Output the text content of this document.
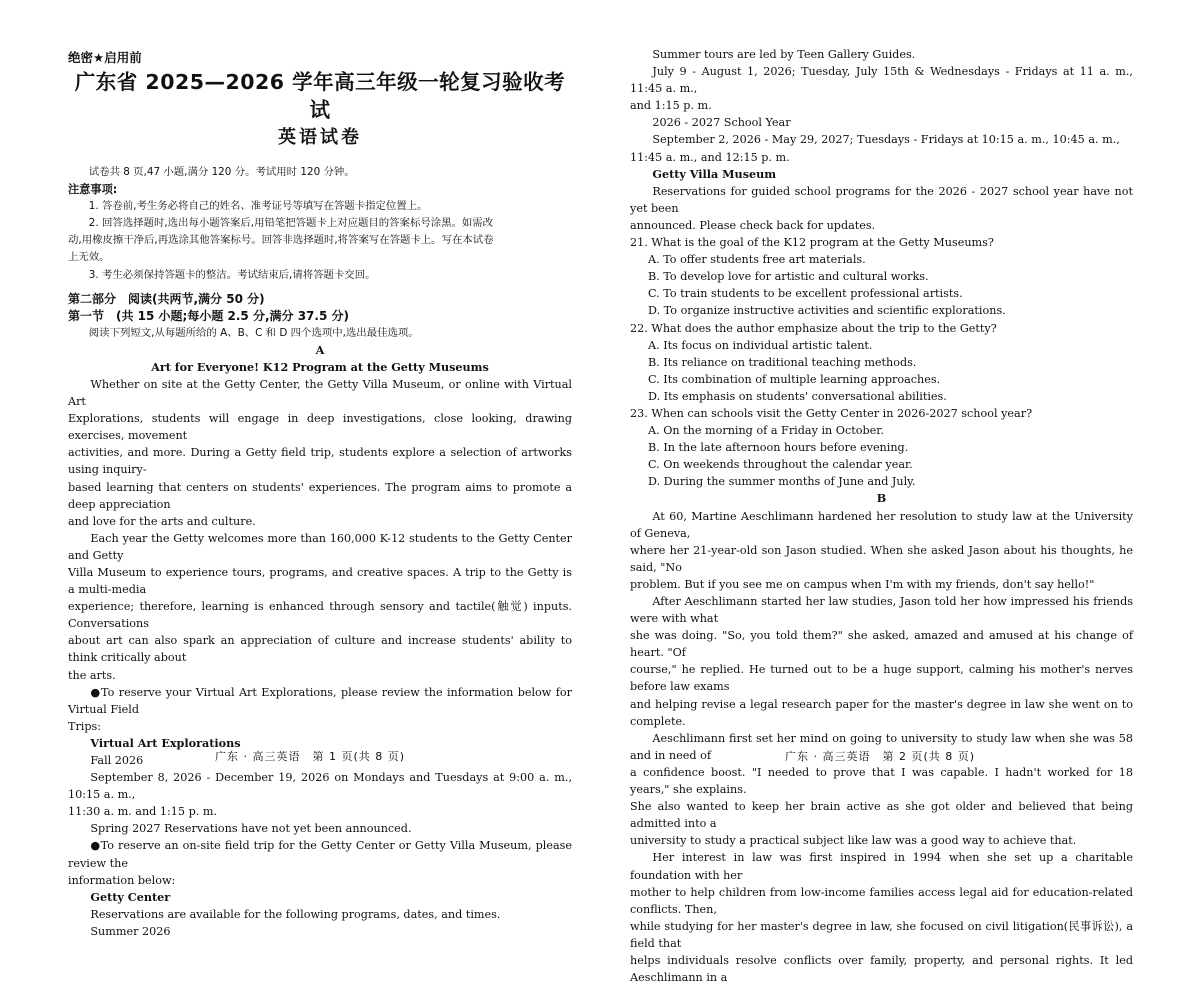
绝密★启用前

广东省 2025—2026 学年高三年级一轮复习验收考试

英语试卷

试卷共 8 页,47 小题,满分 120 分。考试用时 120 分钟。

注意事项:

1. 答卷前,考生务必将自己的姓名、准考证号等填写在答题卡指定位置上。

2. 回答选择题时,选出每小题答案后,用铅笔把答题卡上对应题目的答案标号涂黑。如需改

动,用橡皮擦干净后,再选涂其他答案标号。回答非选择题时,将答案写在答题卡上。写在本试卷

上无效。

3. 考生必须保持答题卡的整洁。考试结束后,请将答题卡交回。

第二部分　阅读(共两节,满分 50 分)

第一节　(共 15 小题;每小题 2.5 分,满分 37.5 分)

阅读下列短文,从每题所给的 A、B、C 和 D 四个选项中,选出最佳选项。

A

Art for Everyone! K12 Program at the Getty Museums

Whether on site at the Getty Center, the Getty Villa Museum, or online with Virtual Art

Explorations, students will engage in deep investigations, close looking, drawing exercises, movement

activities, and more. During a Getty field trip, students explore a selection of artworks using inquiry-

based learning that centers on students' experiences. The program aims to promote a deep appreciation

and love for the arts and culture.

Each year the Getty welcomes more than 160,000 K-12 students to the Getty Center and Getty

Villa Museum to experience tours, programs, and creative spaces. A trip to the Getty is a multi-media

experience; therefore, learning is enhanced through sensory and tactile(触觉) inputs. Conversations

about art can also spark an appreciation of culture and increase students' ability to think critically about

the arts.

●To reserve your Virtual Art Explorations, please review the information below for Virtual Field

Trips:

Virtual Art Explorations

Fall 2026

September 8, 2026 - December 19, 2026 on Mondays and Tuesdays at 9:00 a. m., 10:15 a. m.,

11:30 a. m. and 1:15 p. m.

Spring 2027 Reservations have not yet been announced.

●To reserve an on-site field trip for the Getty Center or Getty Villa Museum, please review the

information below:

Getty Center

Reservations are available for the following programs, dates, and times.

Summer 2026

广东 · 高三英语　第 1 页(共 8 页)

Summer tours are led by Teen Gallery Guides.

July 9 - August 1, 2026; Tuesday, July 15th & Wednesdays - Fridays at 11 a. m., 11:45 a. m.,

and 1:15 p. m.

2026 - 2027 School Year

September 2, 2026 - May 29, 2027; Tuesdays - Fridays at 10:15 a. m., 10:45 a. m.,

11:45 a. m., and 12:15 p. m.

Getty Villa Museum

Reservations for guided school programs for the 2026 - 2027 school year have not yet been

announced. Please check back for updates.

21. What is the goal of the K12 program at the Getty Museums?

A. To offer students free art materials.

B. To develop love for artistic and cultural works.

C. To train students to be excellent professional artists.

D. To organize instructive activities and scientific explorations.

22. What does the author emphasize about the trip to the Getty?

A. Its focus on individual artistic talent.

B. Its reliance on traditional teaching methods.

C. Its combination of multiple learning approaches.

D. Its emphasis on students' conversational abilities.

23. When can schools visit the Getty Center in 2026-2027 school year?

A. On the morning of a Friday in October.

B. In the late afternoon hours before evening.

C. On weekends throughout the calendar year.

D. During the summer months of June and July.

B

At 60, Martine Aeschlimann hardened her resolution to study law at the University of Geneva,

where her 21-year-old son Jason studied. When she asked Jason about his thoughts, he said, "No

problem. But if you see me on campus when I'm with my friends, don't say hello!"

After Aeschlimann started her law studies, Jason told her how impressed his friends were with what

she was doing. "So, you told them?" she asked, amazed and amused at his change of heart. "Of

course," he replied. He turned out to be a huge support, calming his mother's nerves before law exams

and helping revise a legal research paper for the master's degree in law she went on to complete.

Aeschlimann first set her mind on going to university to study law when she was 58 and in need of

a confidence boost. "I needed to prove that I was capable. I hadn't worked for 18 years," she explains.

She also wanted to keep her brain active as she got older and believed that being admitted into a

university to study a practical subject like law was a good way to achieve that.

Her interest in law was first inspired in 1994 when she set up a charitable foundation with her

mother to help children from low-income families access legal aid for education-related conflicts. Then,

while studying for her master's degree in law, she focused on civil litigation(民事诉讼), a field that

helps individuals resolve conflicts over family, property, and personal rights. It led Aeschlimann in a

广东 · 高三英语　第 2 页(共 8 页)
